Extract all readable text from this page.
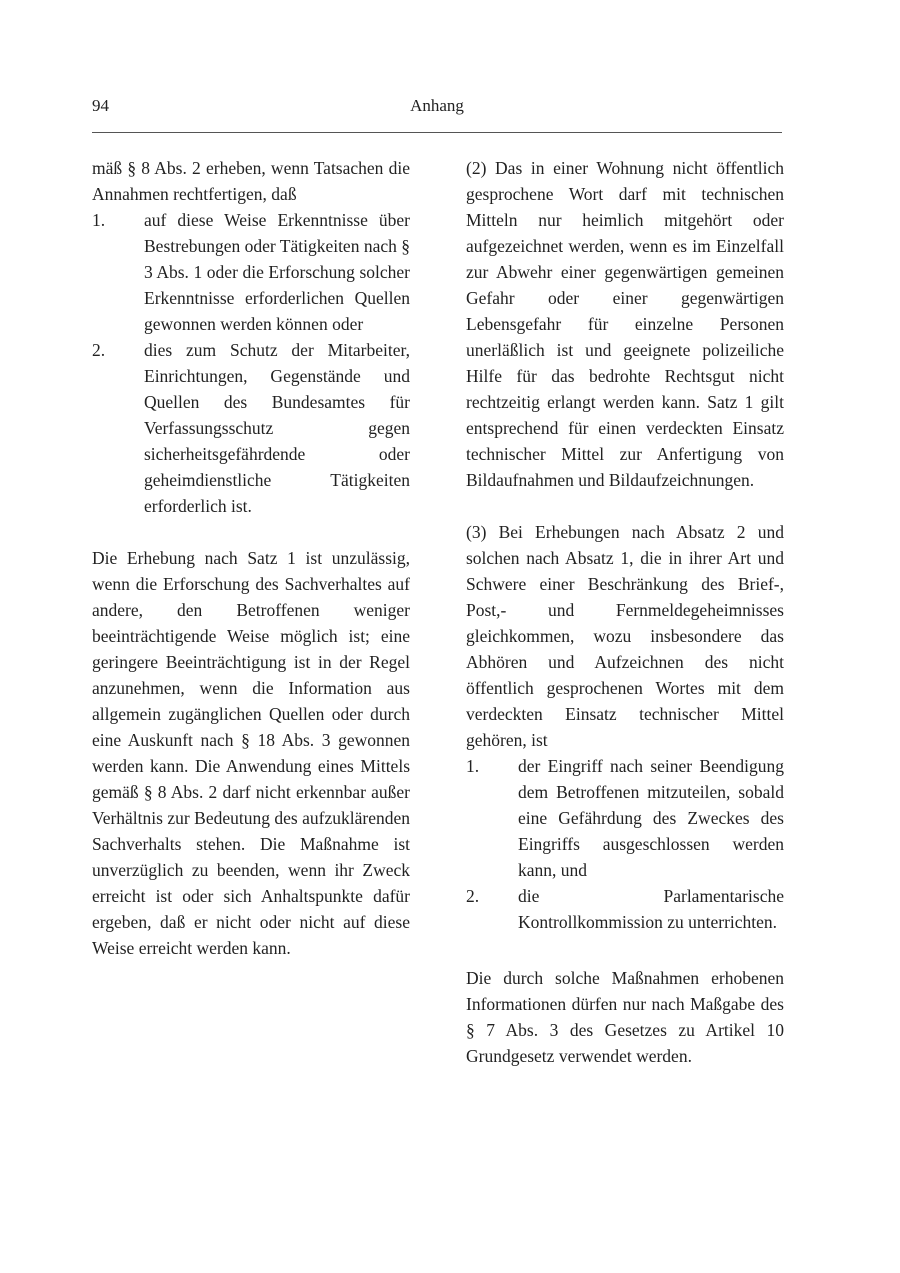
94	Anhang

mäß § 8 Abs. 2 erheben, wenn Tatsachen die Annahmen rechtfertigen, daß

1.	auf diese Weise Erkenntnisse über Bestrebungen oder Tätigkeiten nach § 3 Abs. 1 oder die Erforschung solcher Erkenntnisse erforderlichen Quellen gewonnen werden können oder
2.	dies zum Schutz der Mitarbeiter, Einrichtungen, Gegenstände und Quellen des Bundesamtes für Verfassungsschutz gegen sicherheitsgefährdende oder geheimdienstliche Tätigkeiten erforderlich ist.

Die Erhebung nach Satz 1 ist unzulässig, wenn die Erforschung des Sachverhaltes auf andere, den Betroffenen weniger beeinträchtigende Weise möglich ist; eine geringere Beeinträchtigung ist in der Regel anzunehmen, wenn die Information aus allgemein zugänglichen Quellen oder durch eine Auskunft nach § 18 Abs. 3 gewonnen werden kann. Die Anwendung eines Mittels gemäß § 8 Abs. 2 darf nicht erkennbar außer Verhältnis zur Bedeutung des aufzuklärenden Sachverhalts stehen. Die Maßnahme ist unverzüglich zu beenden, wenn ihr Zweck erreicht ist oder sich Anhaltspunkte dafür ergeben, daß er nicht oder nicht auf diese Weise erreicht werden kann.

(2) Das in einer Wohnung nicht öffentlich gesprochene Wort darf mit technischen Mitteln nur heimlich mitgehört oder aufgezeichnet werden, wenn es im Einzelfall zur Abwehr einer gegenwärtigen gemeinen Gefahr oder einer gegenwärtigen Lebensgefahr für einzelne Personen unerläßlich ist und geeignete polizeiliche Hilfe für das bedrohte Rechtsgut nicht rechtzeitig erlangt werden kann. Satz 1 gilt entsprechend für einen verdeckten Einsatz technischer Mittel zur Anfertigung von Bildaufnahmen und Bildaufzeichnungen.

(3) Bei Erhebungen nach Absatz 2 und solchen nach Absatz 1, die in ihrer Art und Schwere einer Beschränkung des Brief-, Post,- und Fernmeldegeheimnisses gleichkommen, wozu insbesondere das Abhören und Aufzeichnen des nicht öffentlich gesprochenen Wortes mit dem verdeckten Einsatz technischer Mittel gehören, ist

1.	der Eingriff nach seiner Beendigung dem Betroffenen mitzuteilen, sobald eine Gefährdung des Zweckes des Eingriffs ausgeschlossen werden kann, und
2.	die Parlamentarische Kontrollkommission zu unterrichten.

Die durch solche Maßnahmen erhobenen Informationen dürfen nur nach Maßgabe des § 7 Abs. 3 des Gesetzes zu Artikel 10 Grundgesetz verwendet werden.
